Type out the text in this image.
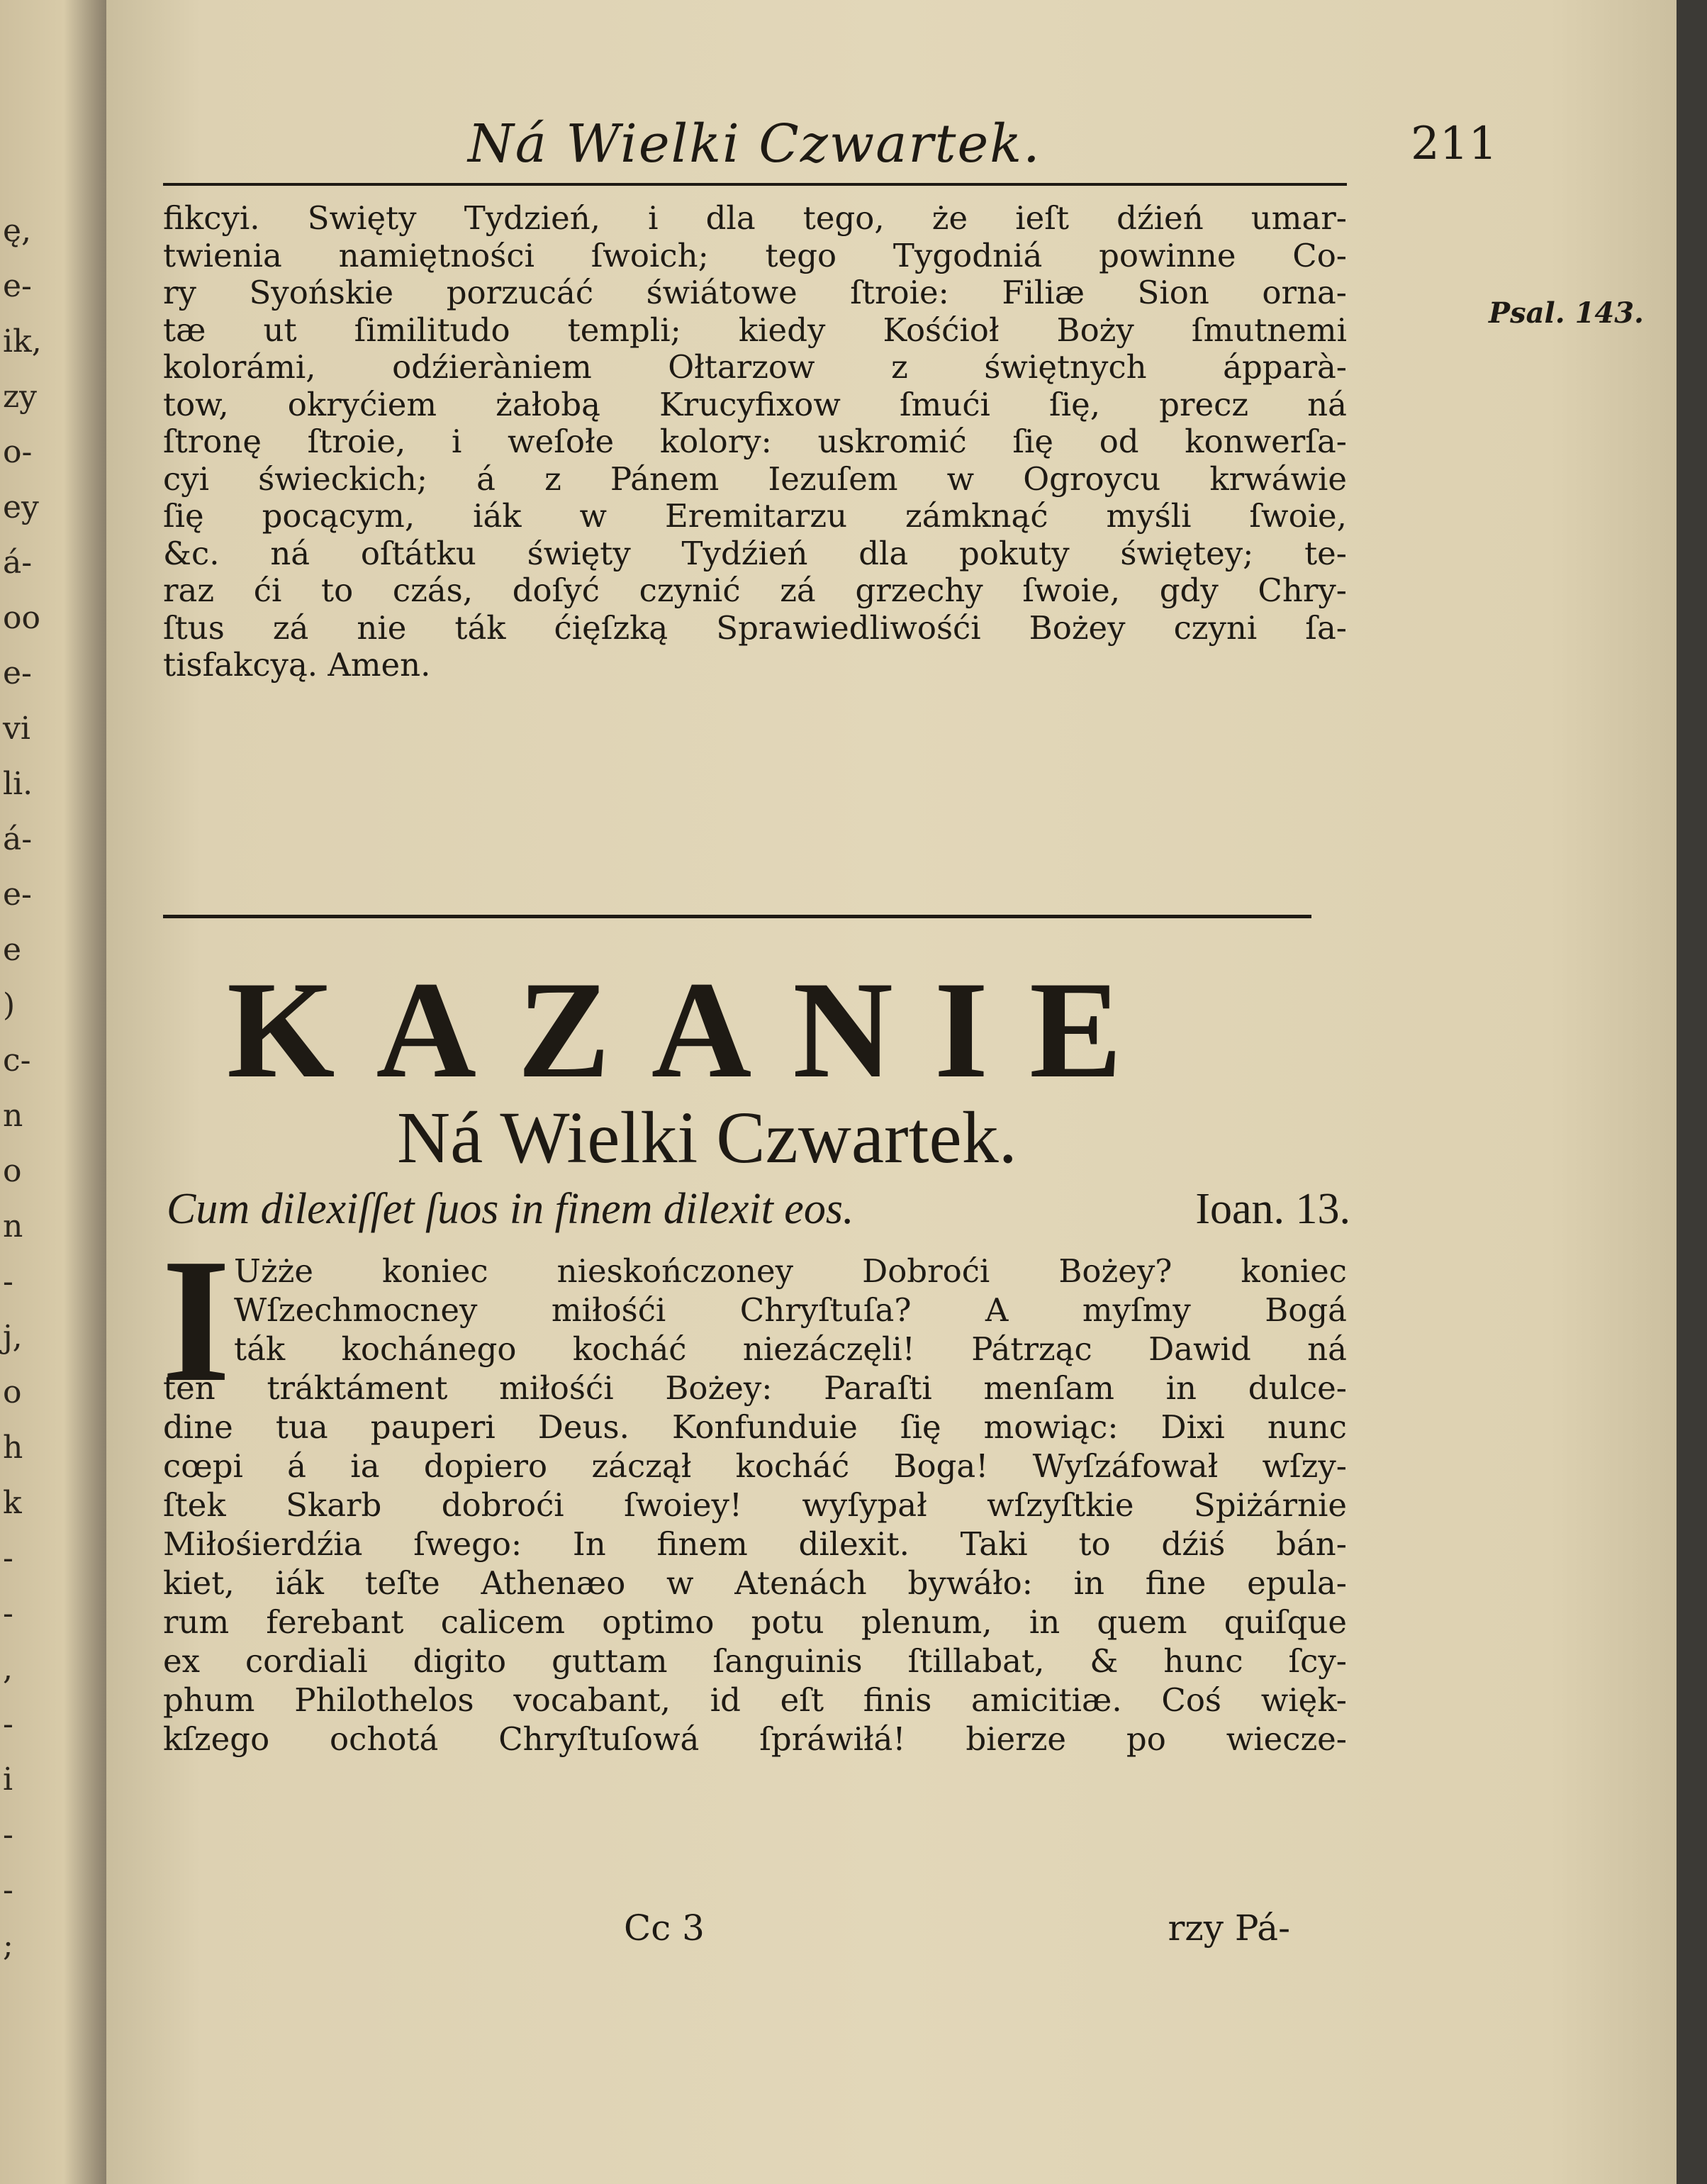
ę,
e-
ik,
zy
o-
ey
á-
oo
e-
vi
li.
á-
e-
e
)
c-
n
o
n
-
j,
o
h
k
-
-
,
-
i
-
-
;
Ná Wielki Czwartek.	211
fikcyi. Swięty Tydzień, i dla tego, że ieſt dźień umar-
twienia namiętności ſwoich; tego Tygodniá powinne Co-
ry Syońskie porzucáć świátowe ſtroie: Filiæ Sion orna-
tæ ut ſimilitudo templi; kiedy Kośćioł Boży ſmutnemi
kolorámi, odźieràniem Ołtarzow z świętnych ápparà-
tow, okryćiem żałobą Krucyfixow ſmući ſię, precz ná
ſtronę ſtroie, i weſołe kolory: uskromić ſię od konwerſa-
cyi świeckich; á z Pánem Iezuſem w Ogroycu krwáwie
ſię pocącym, iák w Eremitarzu zámknąć myśli ſwoie,
&c. ná oſtátku święty Tydźień dla pokuty świętey; te-
raz ći to czás, doſyć czynić zá grzechy ſwoie, gdy Chry-
ſtus zá nie ták ćięſzką Sprawiedliwośći Bożey czyni ſa-
tisfakcyą. Amen.
Psal. 143.
KAZANIE
Ná Wielki Czwartek.
Cum dilexiſſet ſuos in finem dilexit eos.	Ioan. 13.
I Użże koniec nieskończoney Dobroći Bożey? koniec
Wſzechmocney miłośći Chryſtuſa? A myſmy Bogá
ták kochánego kocháć niezáczęli! Pátrząc Dawid ná
ten tráktáment miłośći Bożey: Paraſti menſam in dulce-
dine tua pauperi Deus. Konfunduie ſię mowiąc: Dixi nunc
cœpi á ia dopiero záczął kocháć Boga! Wyſzáfował wſzy-
ſtek Skarb dobroći ſwoiey! wyſypał wſzyſtkie Spiżárnie
Miłośierdźia ſwego: In finem dilexit. Taki to dźiś bán-
kiet, iák teſte Athenæo w Atenách bywáło: in fine epula-
rum ferebant calicem optimo potu plenum, in quem quiſque
ex cordiali digito guttam ſanguinis ſtillabat, & hunc ſcy-
phum Philothelos vocabant, id eſt finis amicitiæ. Coś więk-
kſzego ochotá Chryſtuſowá ſpráwiłá! bierze po wiecze-
Cc 3	rzy Pá-
